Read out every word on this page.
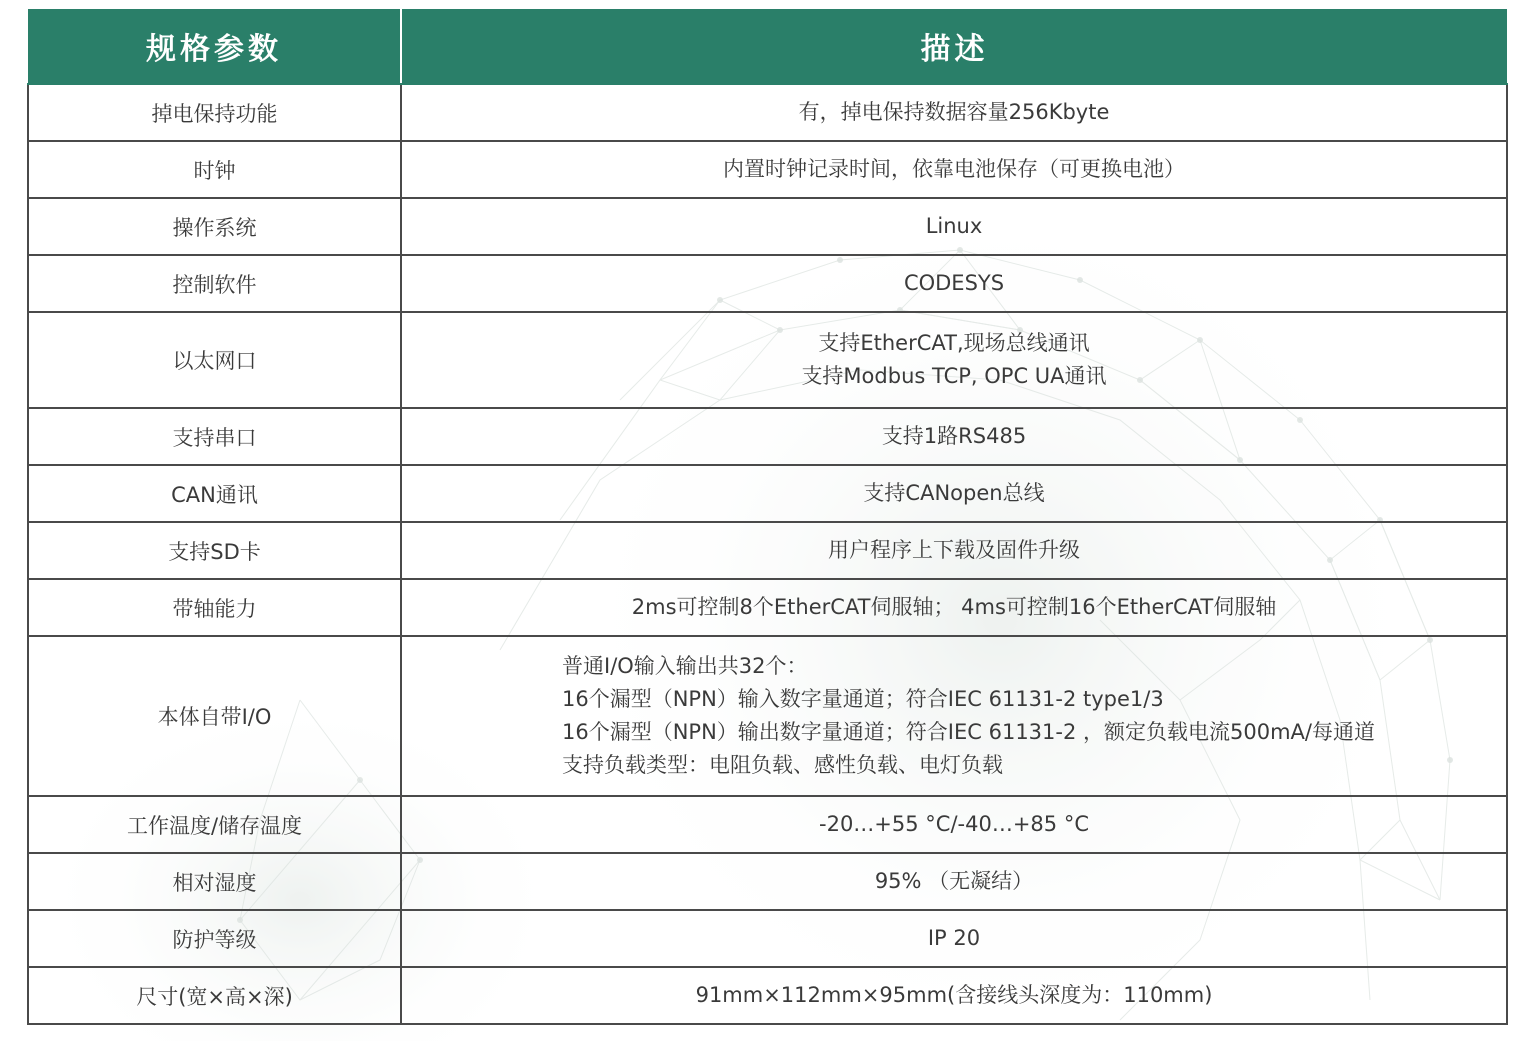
规格参数	描述
掉电保持功能	有，掉电保持数据容量256Kbyte

时钟	内置时钟记录时间，依靠电池保存（可更换电池）

操作系统	Linux

控制软件	CODESYS

以太网口	支持EtherCAT,现场总线通讯
支持Modbus TCP, OPC UA通讯

支持串口	支持1路RS485

CAN通讯	支持CANopen总线

支持SD卡	用户程序上下载及固件升级

带轴能力	2ms可控制8个EtherCAT伺服轴； 4ms可控制16个EtherCAT伺服轴

本体自带I/O	普通I/O输入输出共32个：
16个漏型（NPN）输入数字量通道；符合IEC 61131-2 type1/3
16个漏型（NPN）输出数字量通道；符合IEC 61131-2 ，额定负载电流500mA/每通道
支持负载类型：电阻负载、感性负载、电灯负载

工作温度/储存温度	-20…+55 °C/-40…+85 °C

相对湿度	95% （无凝结）

防护等级	IP 20

尺寸(宽×高×深)	91mm×112mm×95mm(含接线头深度为：110mm)
